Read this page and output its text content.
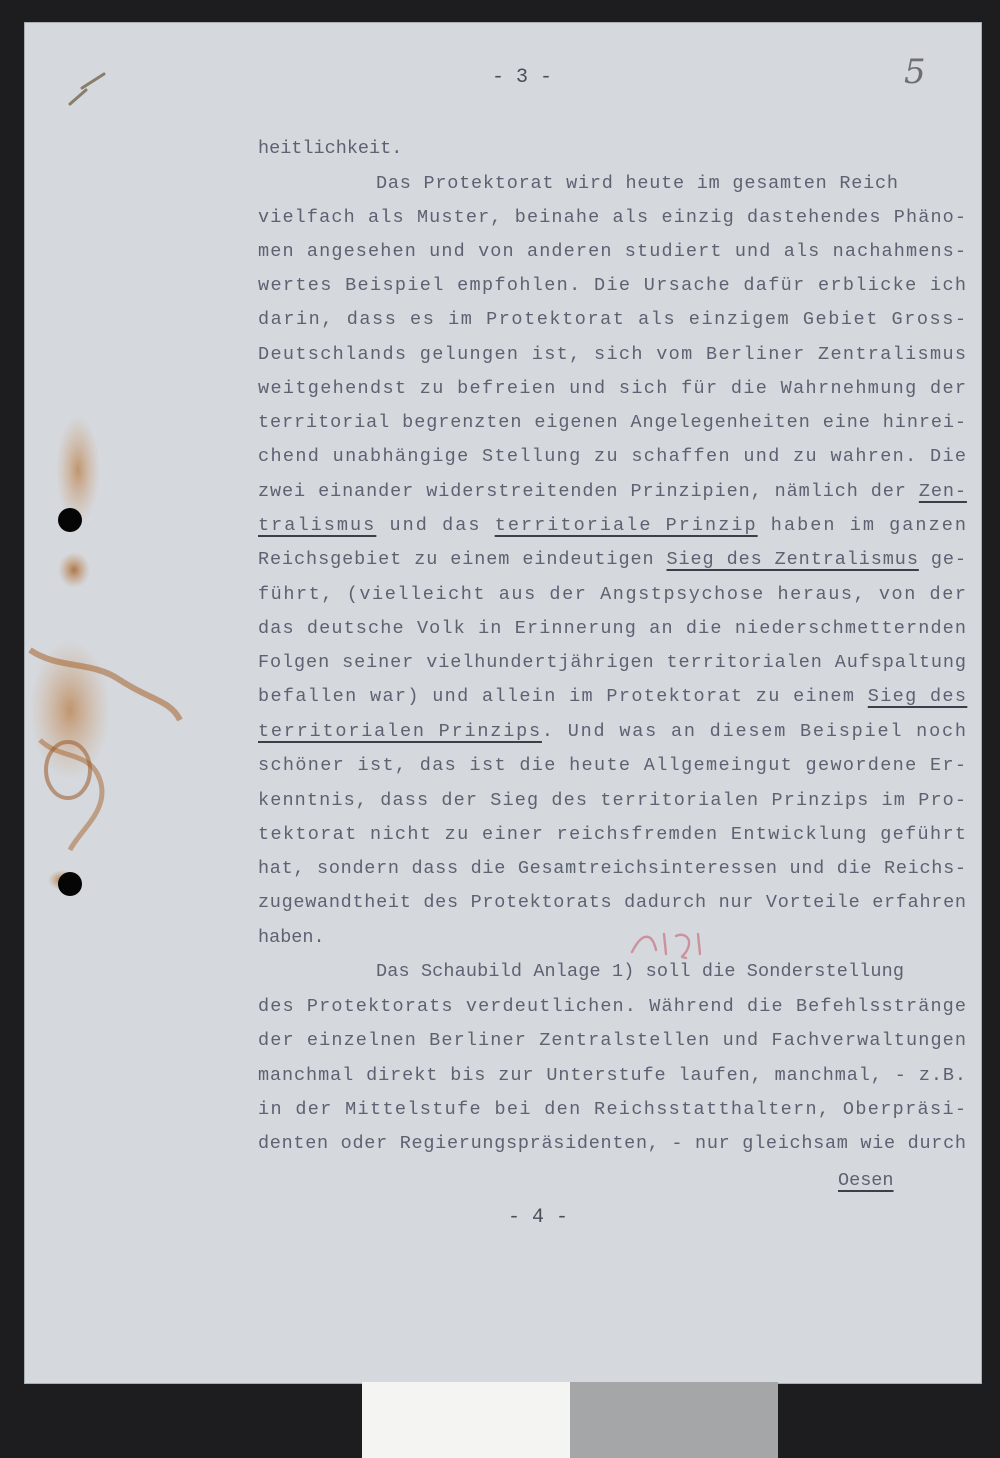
5
- 3 -
heitlichkeit.
Das Protektorat wird heute im gesamten Reich
vielfach als Muster, beinahe als einzig dastehendes Phäno-
men angesehen und von anderen studiert und als nachahmens-
wertes Beispiel empfohlen. Die Ursache dafür erblicke ich
darin, dass es im Protektorat als einzigem Gebiet Gross-
Deutschlands gelungen ist, sich vom Berliner Zentralismus
weitgehendst zu befreien und sich für die Wahrnehmung der
territorial begrenzten eigenen Angelegenheiten eine hinrei-
chend unabhängige Stellung zu schaffen und zu wahren. Die
zwei einander widerstreitenden Prinzipien, nämlich der Zen-
tralismus und das territoriale Prinzip haben im ganzen
Reichsgebiet zu einem eindeutigen Sieg des Zentralismus ge-
führt, (vielleicht aus der Angstpsychose heraus, von der
das deutsche Volk in Erinnerung an die niederschmetternden
Folgen seiner vielhundertjährigen territorialen Aufspaltung
befallen war) und allein im Protektorat zu einem Sieg des
territorialen Prinzips. Und was an diesem Beispiel noch
schöner ist, das ist die heute Allgemeingut gewordene Er-
kenntnis, dass der Sieg des territorialen Prinzips im Pro-
tektorat nicht zu einer reichsfremden Entwicklung geführt
hat, sondern dass die Gesamtreichsinteressen und die Reichs-
zugewandtheit des Protektorats dadurch nur Vorteile erfahren
haben.
Das Schaubild Anlage 1) soll die Sonderstellung
des Protektorats verdeutlichen. Während die Befehlsstränge
der einzelnen Berliner Zentralstellen und Fachverwaltungen
manchmal direkt bis zur Unterstufe laufen, manchmal, - z.B.
in der Mittelstufe bei den Reichsstatthaltern, Oberpräsi-
denten oder Regierungspräsidenten, - nur gleichsam wie durch
Oesen
- 4 -
